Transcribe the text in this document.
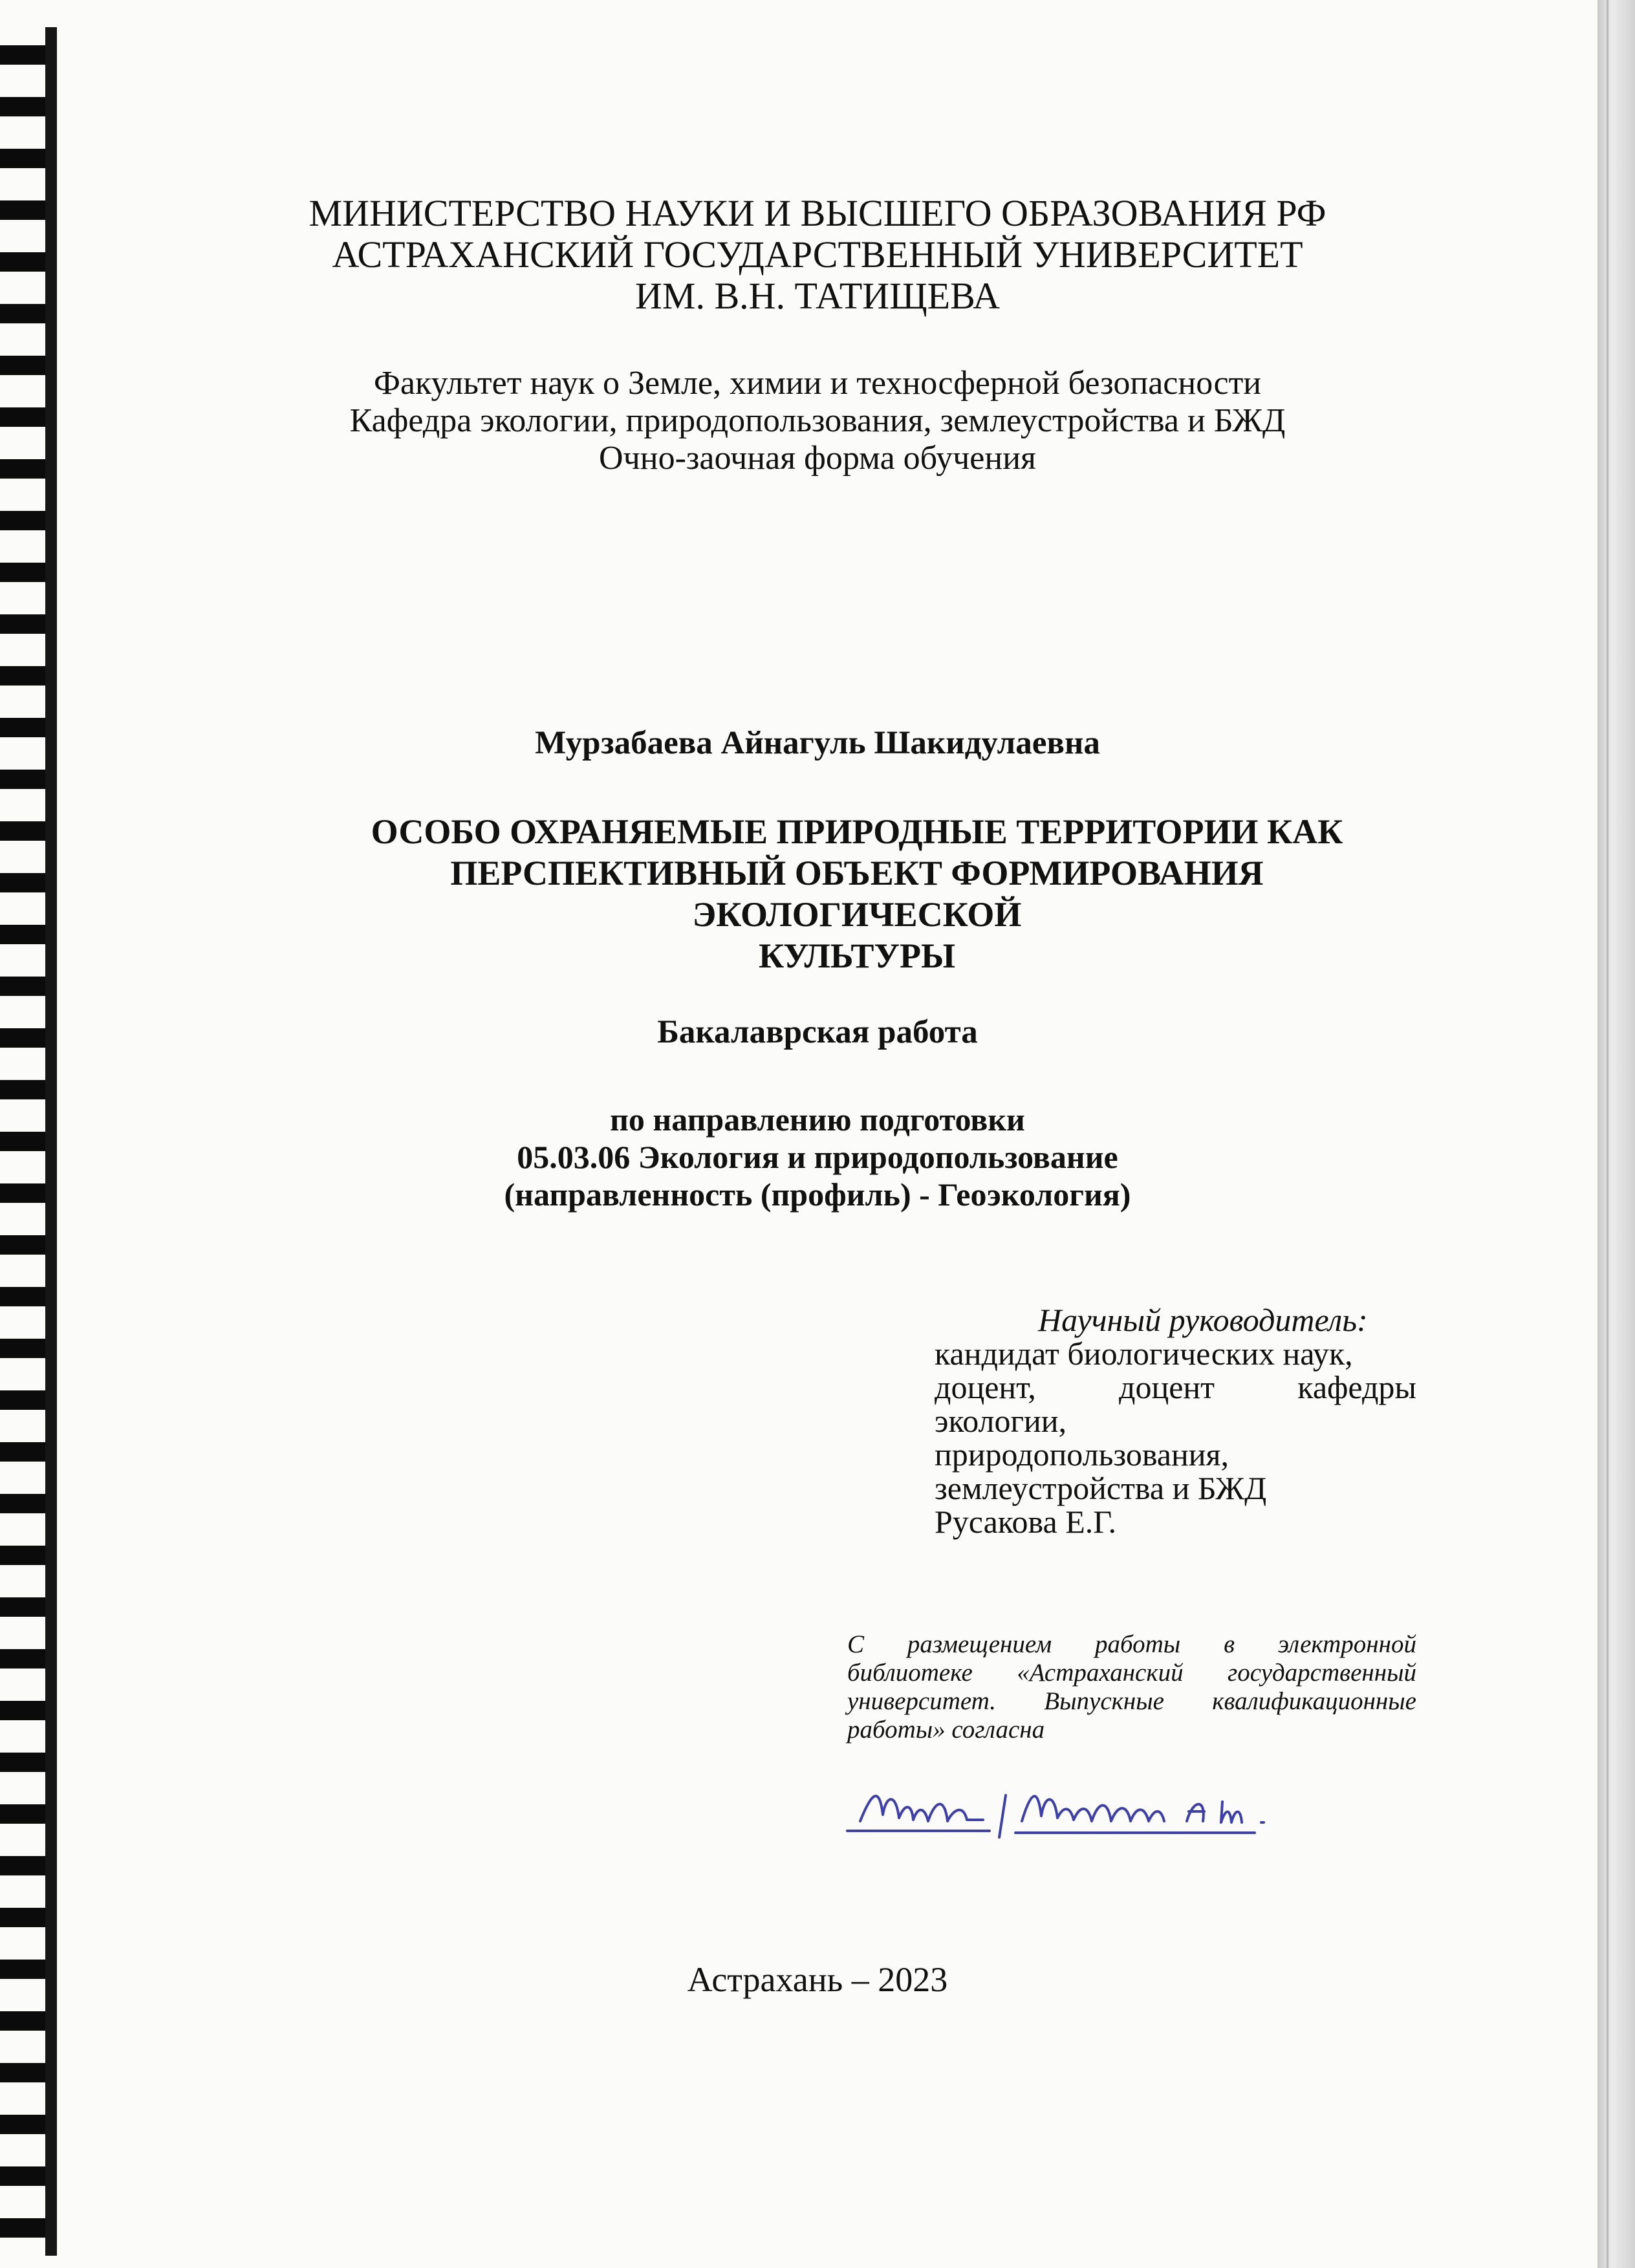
МИНИСТЕРСТВО НАУКИ И ВЫСШЕГО ОБРАЗОВАНИЯ РФ
АСТРАХАНСКИЙ ГОСУДАРСТВЕННЫЙ УНИВЕРСИТЕТ
ИМ. В.Н. ТАТИЩЕВА
Факультет наук о Земле, химии и техносферной безопасности
Кафедра экологии, природопользования, землеустройства и БЖД
Очно-заочная форма обучения
Мурзабаева Айнагуль Шакидулаевна
ОСОБО ОХРАНЯЕМЫЕ ПРИРОДНЫЕ ТЕРРИТОРИИ КАК
ПЕРСПЕКТИВНЫЙ ОБЪЕКТ ФОРМИРОВАНИЯ ЭКОЛОГИЧЕСКОЙ
КУЛЬТУРЫ
Бакалаврская работа
по направлению подготовки
05.03.06 Экология и природопользование
(направленность (профиль) - Геоэкология)
Научный руководитель:
кандидат биологических наук,
доцент, доцент кафедры
экологии,
природопользования,
землеустройства и БЖД
Русакова Е.Г.
С размещением работы в электронной
библиотеке «Астраханский государственный
университет. Выпускные квалификационные
работы» согласна
Астрахань – 2023
